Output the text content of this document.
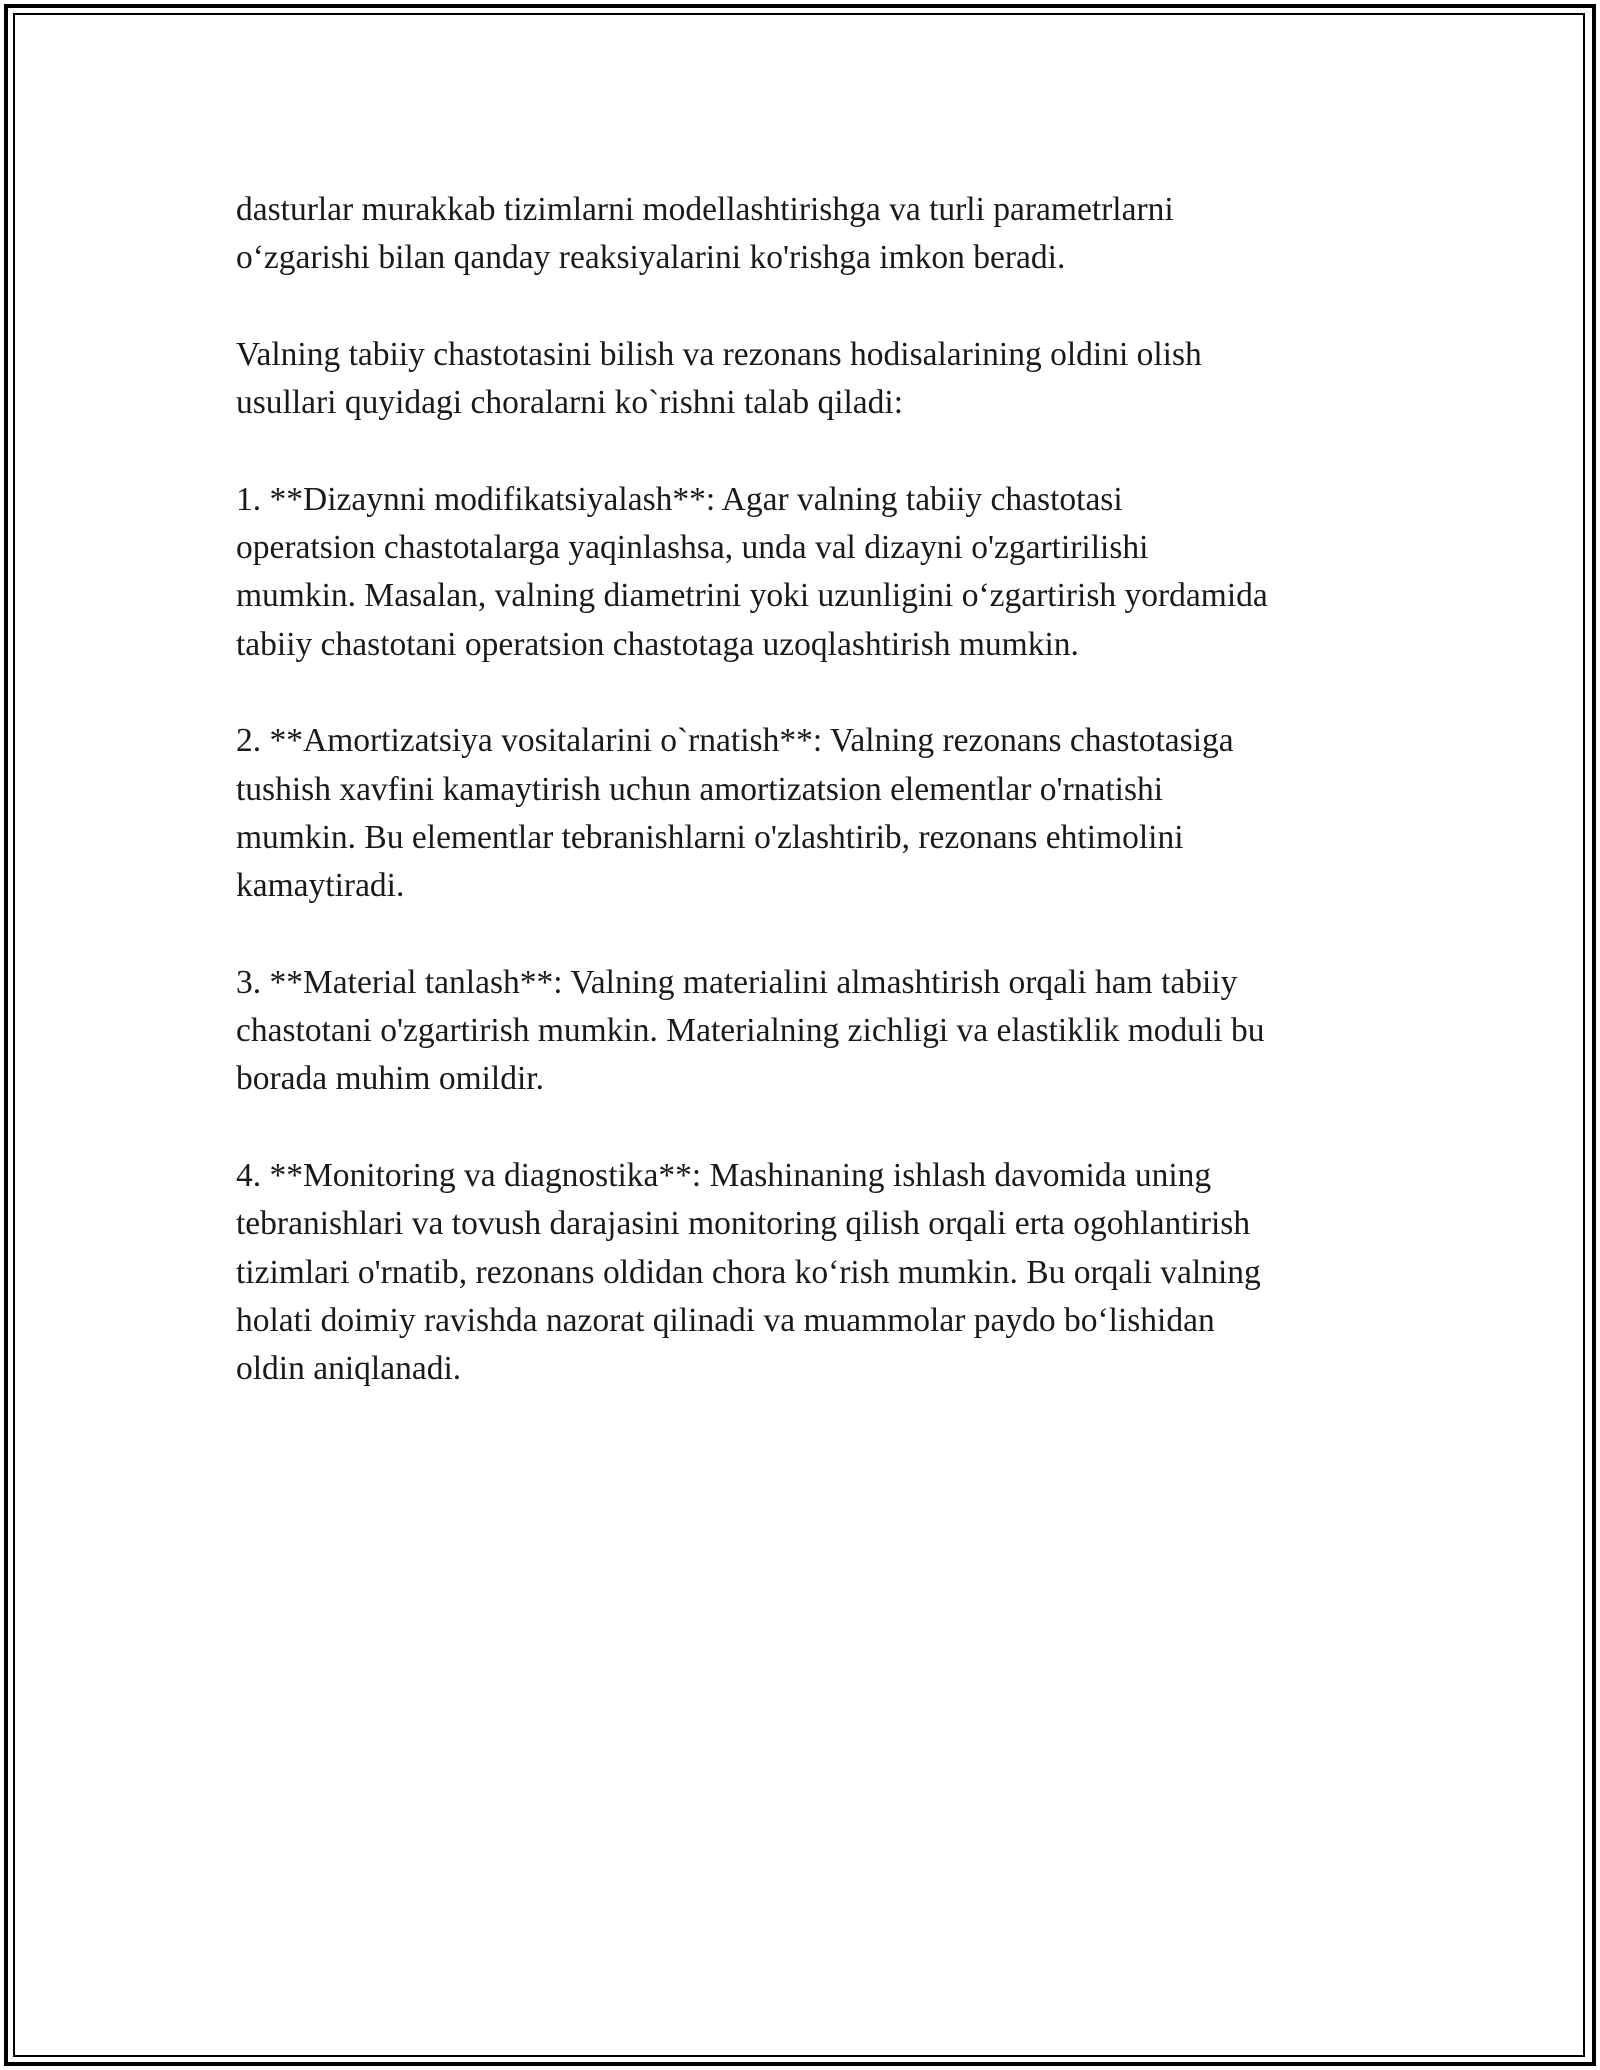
dasturlar murakkab tizimlarni modellashtirishga va turli parametrlarni
o‘zgarishi bilan qanday reaksiyalarini ko'rishga imkon beradi.

Valning tabiiy chastotasini bilish va rezonans hodisalarining oldini olish
usullari quyidagi choralarni ko`rishni talab qiladi:

1. **Dizaynni modifikatsiyalash**: Agar valning tabiiy chastotasi
operatsion chastotalarga yaqinlashsa, unda val dizayni o'zgartirilishi
mumkin. Masalan, valning diametrini yoki uzunligini o‘zgartirish yordamida
tabiiy chastotani operatsion chastotaga uzoqlashtirish mumkin.

2. **Amortizatsiya vositalarini o`rnatish**: Valning rezonans chastotasiga
tushish xavfini kamaytirish uchun amortizatsion elementlar o'rnatishi
mumkin. Bu elementlar tebranishlarni o'zlashtirib, rezonans ehtimolini
kamaytiradi.

3. **Material tanlash**: Valning materialini almashtirish orqali ham tabiiy
chastotani o'zgartirish mumkin. Materialning zichligi va elastiklik moduli bu
borada muhim omildir.

4. **Monitoring va diagnostika**: Mashinaning ishlash davomida uning
tebranishlari va tovush darajasini monitoring qilish orqali erta ogohlantirish
tizimlari o'rnatib, rezonans oldidan chora ko‘rish mumkin. Bu orqali valning
holati doimiy ravishda nazorat qilinadi va muammolar paydo bo‘lishidan
oldin aniqlanadi.
